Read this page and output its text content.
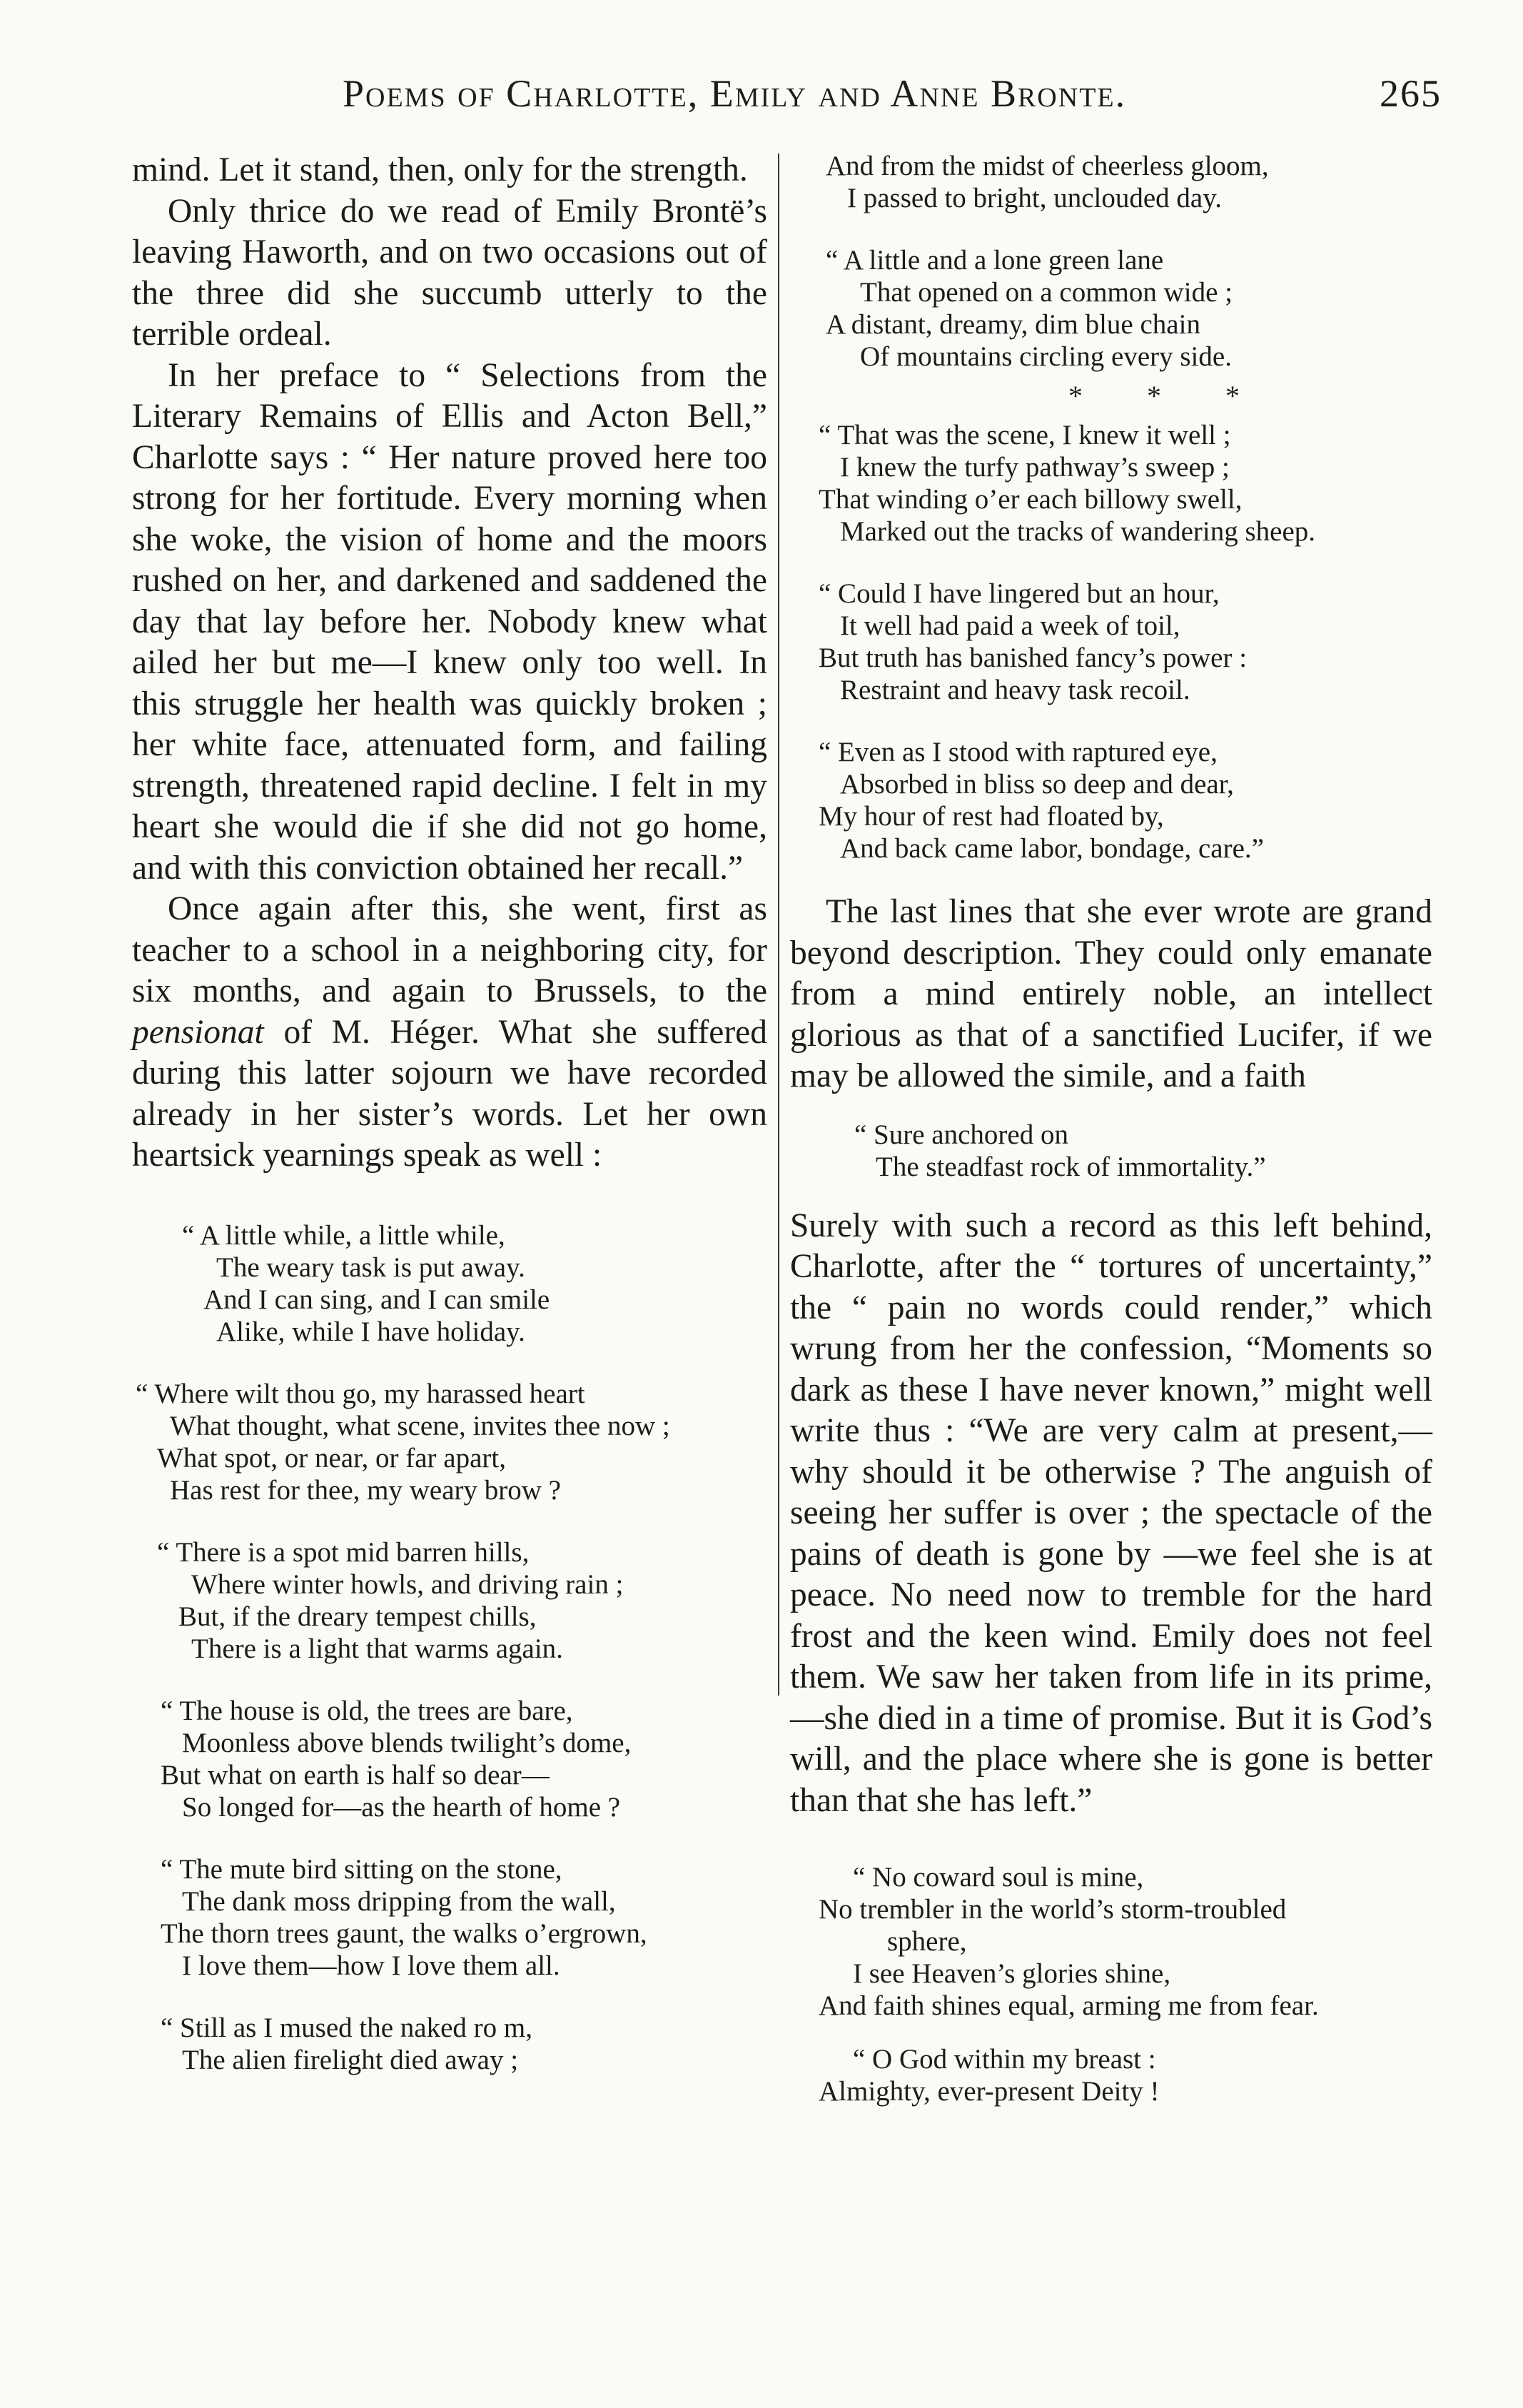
Poems of Charlotte, Emily and Anne Bronte.	265

mind. Let it stand, then, only for the strength.

Only thrice do we read of Emily Brontë’s leaving Haworth, and on two occasions out of the three did she succumb utterly to the terrible ordeal.

In her preface to “ Selections from the Literary Remains of Ellis and Acton Bell,” Charlotte says : “ Her nature proved here too strong for her fortitude. Every morning when she woke, the vision of home and the moors rushed on her, and darkened and saddened the day that lay before her. Nobody knew what ailed her but me—I knew only too well. In this struggle her health was quickly broken ; her white face, attenuated form, and failing strength, threatened rapid decline. I felt in my heart she would die if she did not go home, and with this conviction obtained her recall.”

Once again after this, she went, first as teacher to a school in a neighboring city, for six months, and again to Brussels, to the pensionat of M. Héger. What she suffered during this latter sojourn we have recorded already in her sister’s words. Let her own heartsick yearnings speak as well :

“ A little while, a little while,
The weary task is put away.
And I can sing, and I can smile
Alike, while I have holiday.
“ Where wilt thou go, my harassed heart
What thought, what scene, invites thee now ;
What spot, or near, or far apart,
Has rest for thee, my weary brow ?
“ There is a spot mid barren hills,
Where winter howls, and driving rain ;
But, if the dreary tempest chills,
There is a light that warms again.
“ The house is old, the trees are bare,
Moonless above blends twilight’s dome,
But what on earth is half so dear—
So longed for—as the hearth of home ?
“ The mute bird sitting on the stone,
The dank moss dripping from the wall,
The thorn trees gaunt, the walks o’ergrown,
I love them—how I love them all.
“ Still as I mused the naked ro m,
The alien firelight died away ;
And from the midst of cheerless gloom,
I passed to bright, unclouded day.
“ A little and a lone green lane
That opened on a common wide ;
A distant, dreamy, dim blue chain
Of mountains circling every side.
* * *
“ That was the scene, I knew it well ;
I knew the turfy pathway’s sweep ;
That winding o’er each billowy swell,
Marked out the tracks of wandering sheep.
“ Could I have lingered but an hour,
It well had paid a week of toil,
But truth has banished fancy’s power :
Restraint and heavy task recoil.
“ Even as I stood with raptured eye,
Absorbed in bliss so deep and dear,
My hour of rest had floated by,
And back came labor, bondage, care.”

The last lines that she ever wrote are grand beyond description. They could only emanate from a mind entirely noble, an intellect glorious as that of a sanctified Lucifer, if we may be allowed the simile, and a faith

“ Sure anchored on
The steadfast rock of immortality.”

Surely with such a record as this left behind, Charlotte, after the “ tortures of uncertainty,” the “ pain no words could render,” which wrung from her the confession, “Moments so dark as these I have never known,” might well write thus : “We are very calm at present,—why should it be otherwise ? The anguish of seeing her suffer is over ; the spectacle of the pains of death is gone by —we feel she is at peace. No need now to tremble for the hard frost and the keen wind. Emily does not feel them. We saw her taken from life in its prime,—she died in a time of promise. But it is God’s will, and the place where she is gone is better than that she has left.”

“ No coward soul is mine,
No trembler in the world’s storm-troubled
sphere,
I see Heaven’s glories shine,
And faith shines equal, arming me from fear.
“ O God within my breast :
Almighty, ever-present Deity !
